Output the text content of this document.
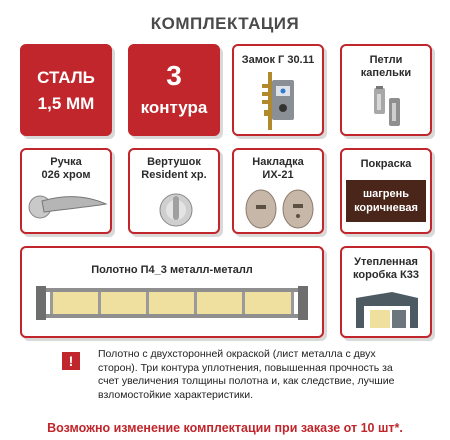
КОМПЛЕКТАЦИЯ
СТАЛЬ
1,5 ММ
3
контура
Замок Г 30.11	Петли
капельки
Ручка
026 хром
Вертушок
Resident хр.
Накладка
ИХ-21
Покраска
шагрень
коричневая
Полотно П4_3 металл-металл
Утепленная
коробка К33
!	Полотно с двухсторонней окраской (лист металла с двух сторон). Три контура уплотнения, повышенная прочность за счет увеличения толщины полотна и, как следствие, лучшие взломостойкие характеристики.
Возможно изменение комплектации при заказе от 10 шт*.
